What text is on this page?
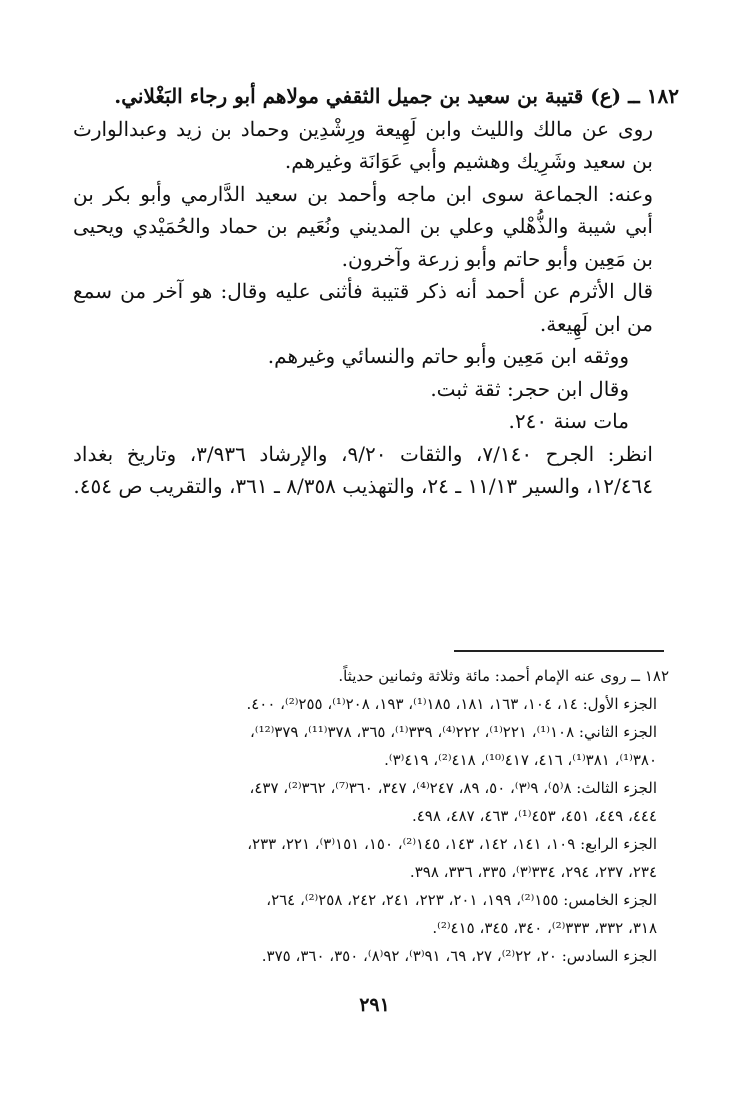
١٨٢ ــ (ع) قتيبة بن سعيد بن جميل الثقفي مولاهم أبو رجاء البَغْلاني.

روى عن مالك والليث وابن لَهِيعة ورِشْدِين وحماد بن زيد وعبدالوارث بن سعيد وشَرِيك وهشيم وأبي عَوَانَة وغيرهم.

وعنه: الجماعة سوى ابن ماجه وأحمد بن سعيد الدَّارمي وأبو بكر بن أبي شيبة والذُّهْلي وعلي بن المديني ونُعَيم بن حماد والحُمَيْدي ويحيى بن مَعِين وأبو حاتم وأبو زرعة وآخرون.

قال الأثرم عن أحمد أنه ذكر قتيبة فأثنى عليه وقال: هو آخر من سمع من ابن لَهِيعة.

ووثقه ابن مَعِين وأبو حاتم والنسائي وغيرهم.

وقال ابن حجر: ثقة ثبت.

مات سنة ٢٤٠.

انظر: الجرح ٧/١٤٠، والثقات ٩/٢٠، والإرشاد ٣/٩٣٦، وتاريخ بغداد ١٢/٤٦٤، والسير ١١/١٣ ـ ٢٤، والتهذيب ٨/٣٥٨ ـ ٣٦١، والتقريب ص ٤٥٤.

١٨٢ ــ روى عنه الإمام أحمد: مائة وثلاثة وثمانين حديثاً.

الجزء الأول: ١٤، ١٠٤، ١٦٣، ١٨١، ١٨٥⁽¹⁾، ١٩٣، ٢٠٨⁽¹⁾، ٢٥٥⁽²⁾، ٤٠٠.

الجزء الثاني: ١٠٨⁽¹⁾، ٢٢١⁽¹⁾، ٢٢٢⁽⁴⁾، ٣٣٩⁽¹⁾، ٣٦٥، ٣٧٨⁽¹¹⁾، ٣٧٩⁽¹²⁾،

٣٨٠⁽¹⁾، ٣٨١⁽¹⁾، ٤١٦، ٤١٧⁽¹⁰⁾، ٤١٨⁽²⁾، ٤١٩⁽٣⁾.

الجزء الثالث: ٨⁽٥⁾، ٩⁽٣⁾، ٥٠، ٨٩، ٢٤٧⁽⁴⁾، ٣٤٧، ٣٦٠⁽⁷⁾، ٣٦٢⁽²⁾، ٤٣٧،

٤٤٤، ٤٤٩، ٤٥١، ٤٥٣⁽¹⁾، ٤٦٣، ٤٨٧، ٤٩٨.

الجزء الرابع: ١٠٩، ١٤١، ١٤٢، ١٤٣، ١٤٥⁽²⁾، ١٥٠، ١٥١⁽٣⁾، ٢٢١، ٢٣٣،

٢٣٤، ٢٣٧، ٢٩٤، ٣٣٤⁽٣⁾، ٣٣٥، ٣٣٦، ٣٩٨.

الجزء الخامس: ١٥٥⁽²⁾، ١٩٩، ٢٠١، ٢٢٣، ٢٤١، ٢٤٢، ٢٥٨⁽²⁾، ٢٦٤،

٣١٨، ٣٣٢، ٣٣٣⁽²⁾، ٣٤٠، ٣٤٥، ٤١٥⁽²⁾.

الجزء السادس: ٢٠، ٢٢⁽²⁾، ٢٧، ٦٩، ٩١⁽٣⁾، ٩٢⁽٨⁾، ٣٥٠، ٣٦٠، ٣٧٥.

٢٩١
